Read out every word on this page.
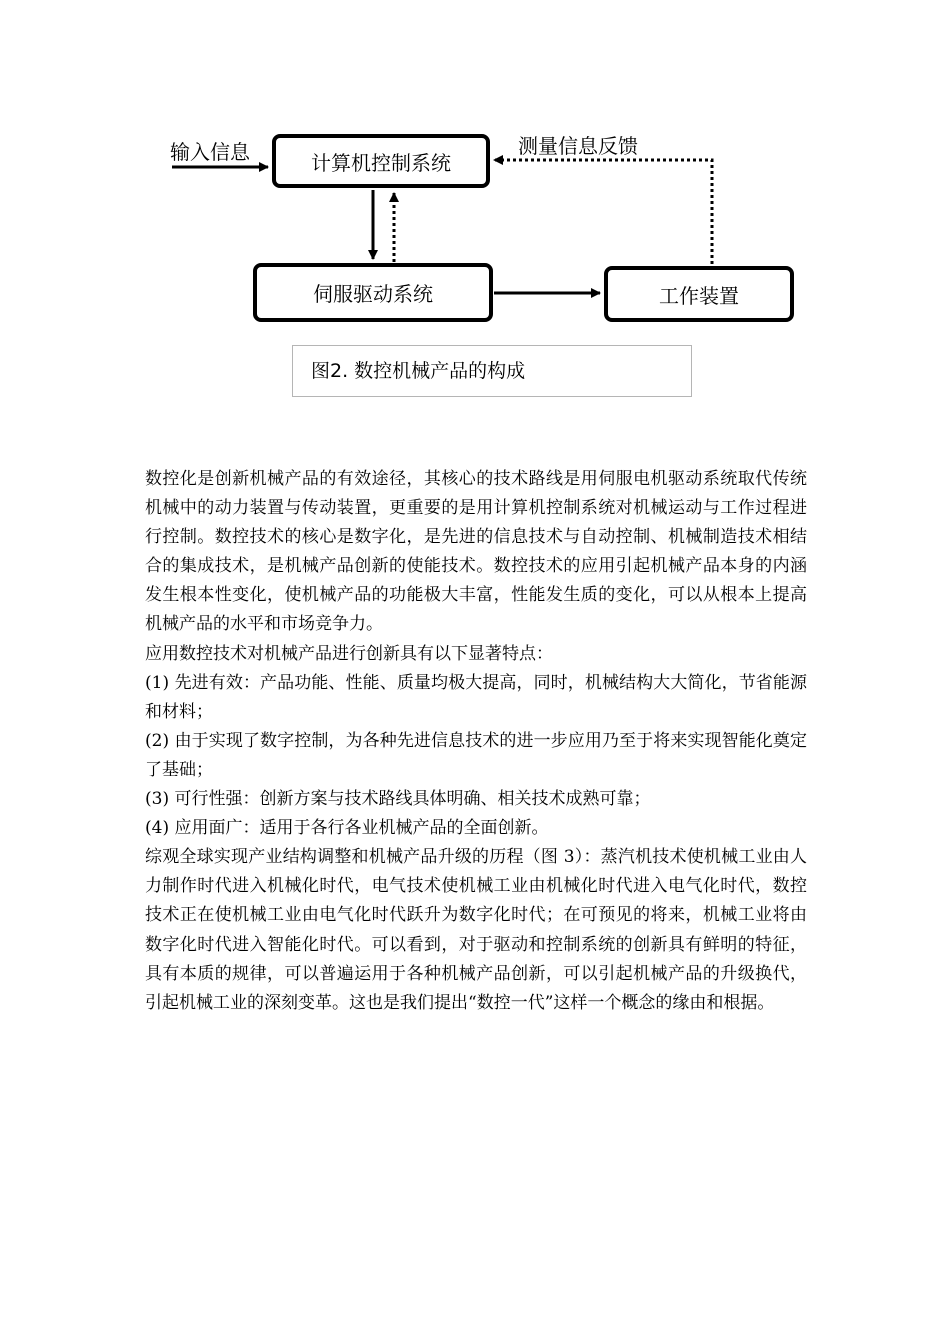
输入信息	测量信息反馈
计算机控制系统
伺服驱动系统	工作装置
图2. 数控机械产品的构成

数控化是创新机械产品的有效途径，其核心的技术路线是用伺服电机驱动系统取代传统机械中的动力装置与传动装置，更重要的是用计算机控制系统对机械运动与工作过程进行控制。数控技术的核心是数字化，是先进的信息技术与自动控制、机械制造技术相结合的集成技术，是机械产品创新的使能技术。数控技术的应用引起机械产品本身的内涵发生根本性变化，使机械产品的功能极大丰富，性能发生质的变化，可以从根本上提高机械产品的水平和市场竞争力。

应用数控技术对机械产品进行创新具有以下显著特点：

(1) 先进有效：产品功能、性能、质量均极大提高，同时，机械结构大大简化，节省能源和材料；

(2) 由于实现了数字控制，为各种先进信息技术的进一步应用乃至于将来实现智能化奠定了基础；

(3) 可行性强：创新方案与技术路线具体明确、相关技术成熟可靠；

(4) 应用面广：适用于各行各业机械产品的全面创新。

综观全球实现产业结构调整和机械产品升级的历程（图 3）：蒸汽机技术使机械工业由人力制作时代进入机械化时代，电气技术使机械工业由机械化时代进入电气化时代，数控技术正在使机械工业由电气化时代跃升为数字化时代；在可预见的将来，机械工业将由数字化时代进入智能化时代。可以看到，对于驱动和控制系统的创新具有鲜明的特征，具有本质的规律，可以普遍运用于各种机械产品创新，可以引起机械产品的升级换代，引起机械工业的深刻变革。这也是我们提出“数控一代”这样一个概念的缘由和根据。
